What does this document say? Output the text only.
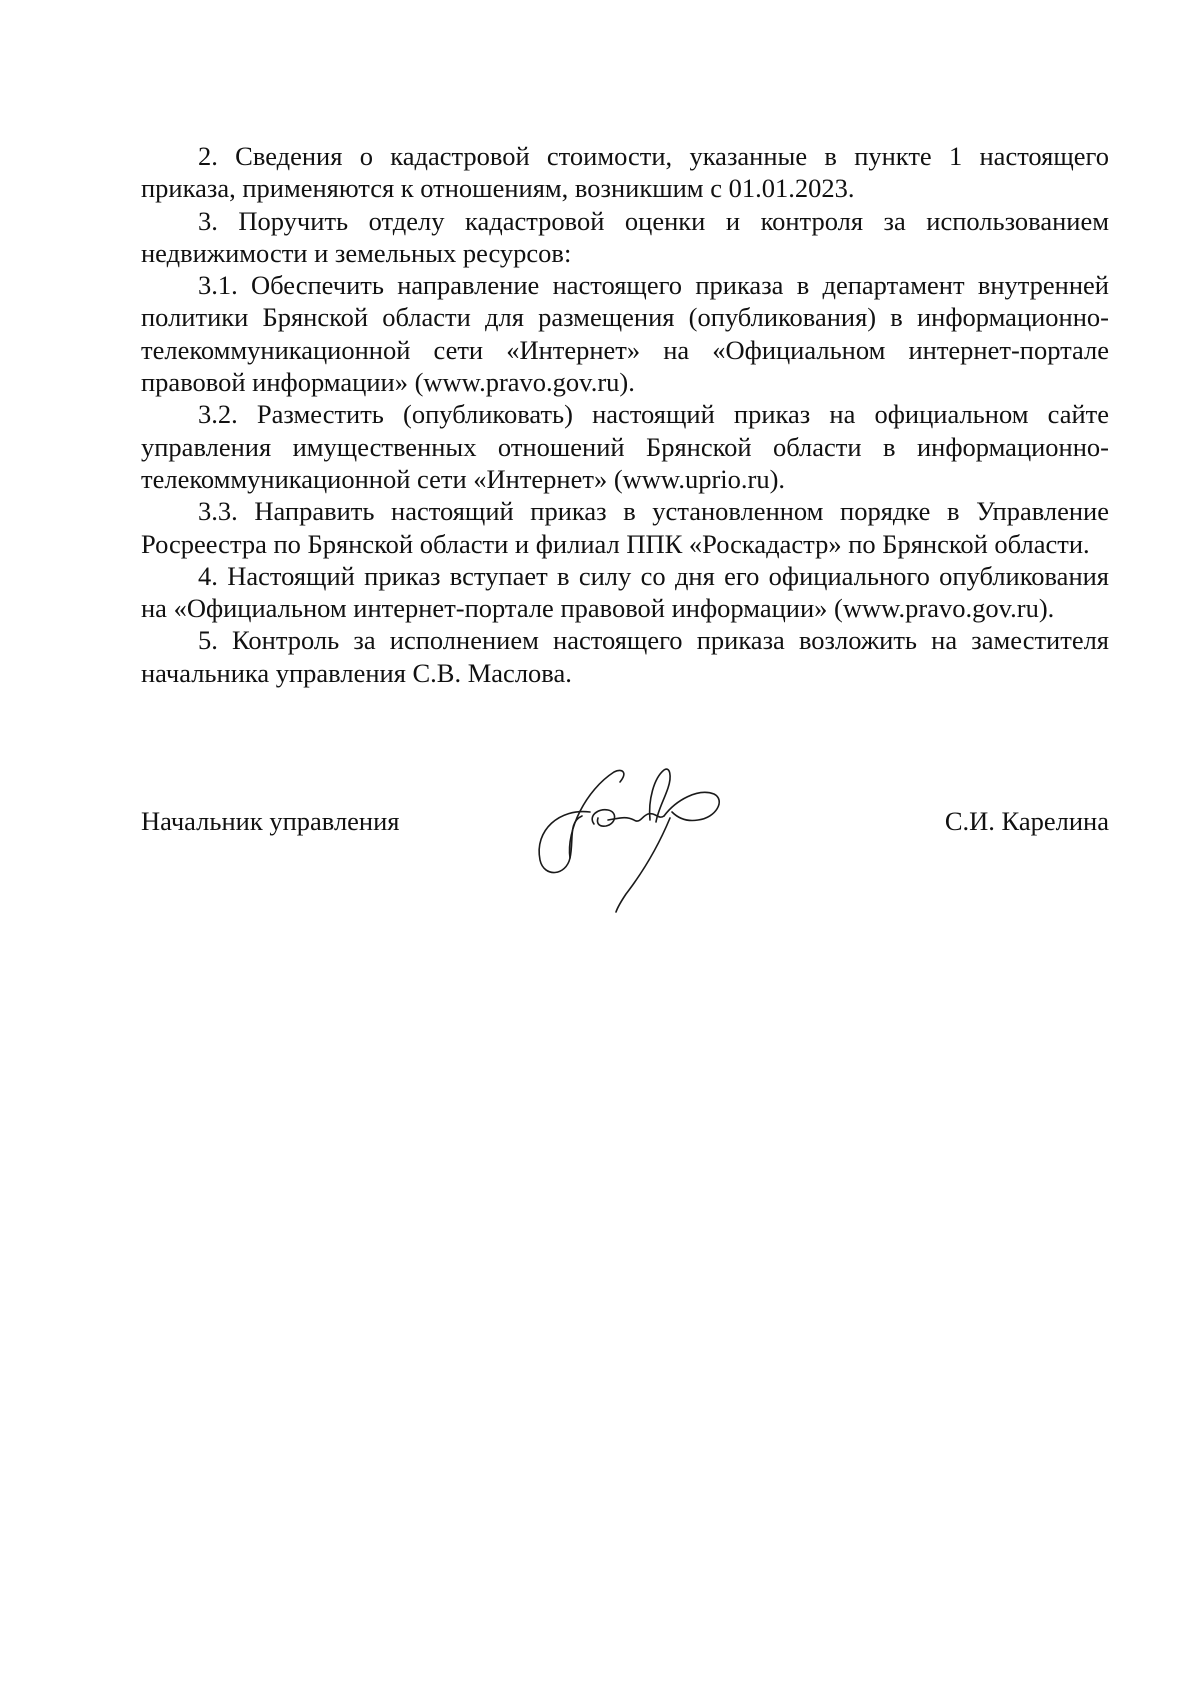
2. Сведения о кадастровой стоимости, указанные в пункте 1 настоящего приказа, применяются к отношениям, возникшим с 01.01.2023.

3. Поручить отделу кадастровой оценки и контроля за использованием недвижимости и земельных ресурсов:

3.1. Обеспечить направление настоящего приказа в департамент внутренней политики Брянской области для размещения (опубликования) в информационно-телекоммуникационной сети «Интернет» на «Официальном интернет-портале правовой информации» (www.pravo.gov.ru).

3.2. Разместить (опубликовать) настоящий приказ на официальном сайте управления имущественных отношений Брянской области в информационно-телекоммуникационной сети «Интернет» (www.uprio.ru).

3.3. Направить настоящий приказ в установленном порядке в Управление Росреестра по Брянской области и филиал ППК «Роскадастр» по Брянской области.

4. Настоящий приказ вступает в силу со дня его официального опубликования на «Официальном интернет-портале правовой информации» (www.pravo.gov.ru).

5. Контроль за исполнением настоящего приказа возложить на заместителя начальника управления С.В. Маслова.

Начальник управления	С.И. Карелина
